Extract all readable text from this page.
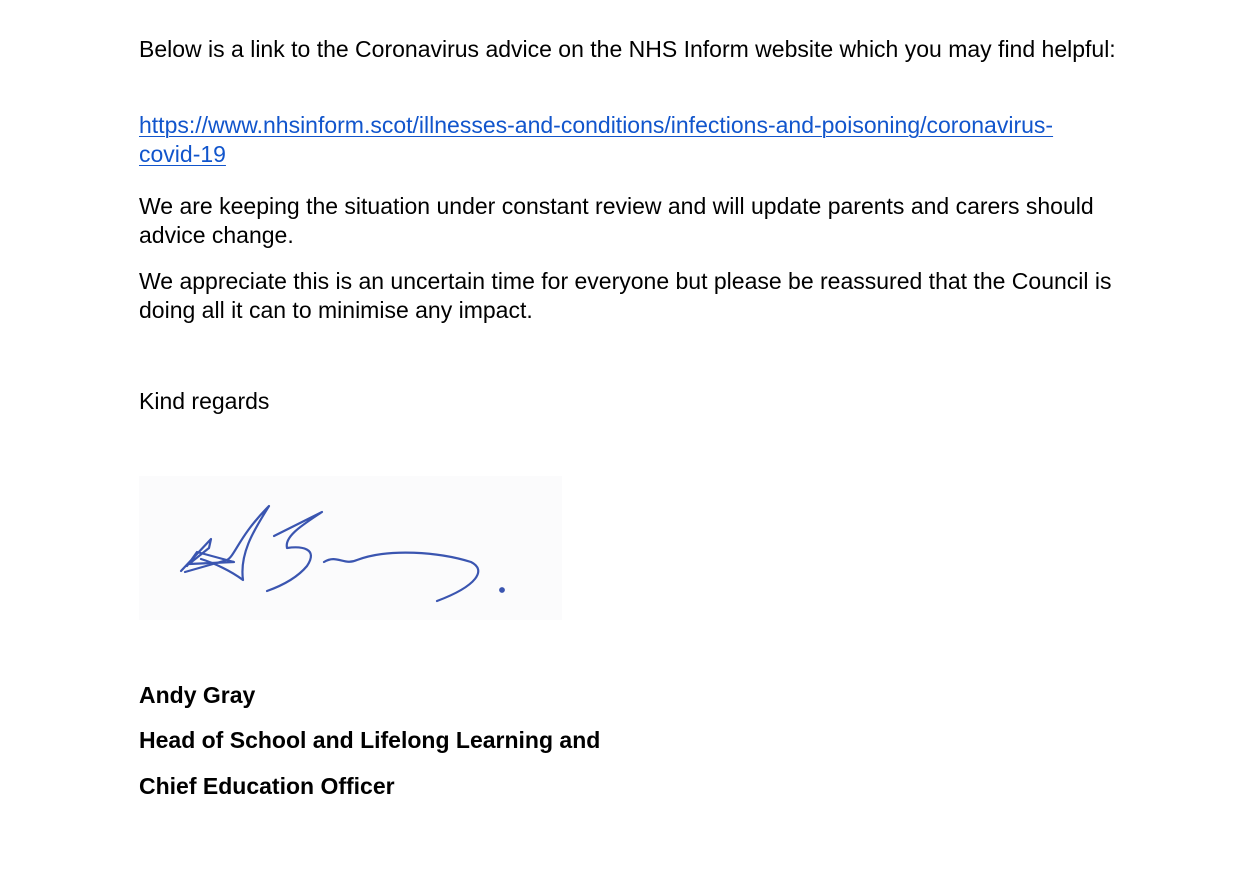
Below is a link to the Coronavirus advice on the NHS Inform website which you may find helpful:

https://www.nhsinform.scot/illnesses-and-conditions/infections-and-poisoning/coronavirus-
covid-19

We are keeping the situation under constant review and will update parents and carers should advice change.

We appreciate this is an uncertain time for everyone but please be reassured that the Council is doing all it can to minimise any impact.

Kind regards

Andy Gray

Head of School and Lifelong Learning and

Chief Education Officer
